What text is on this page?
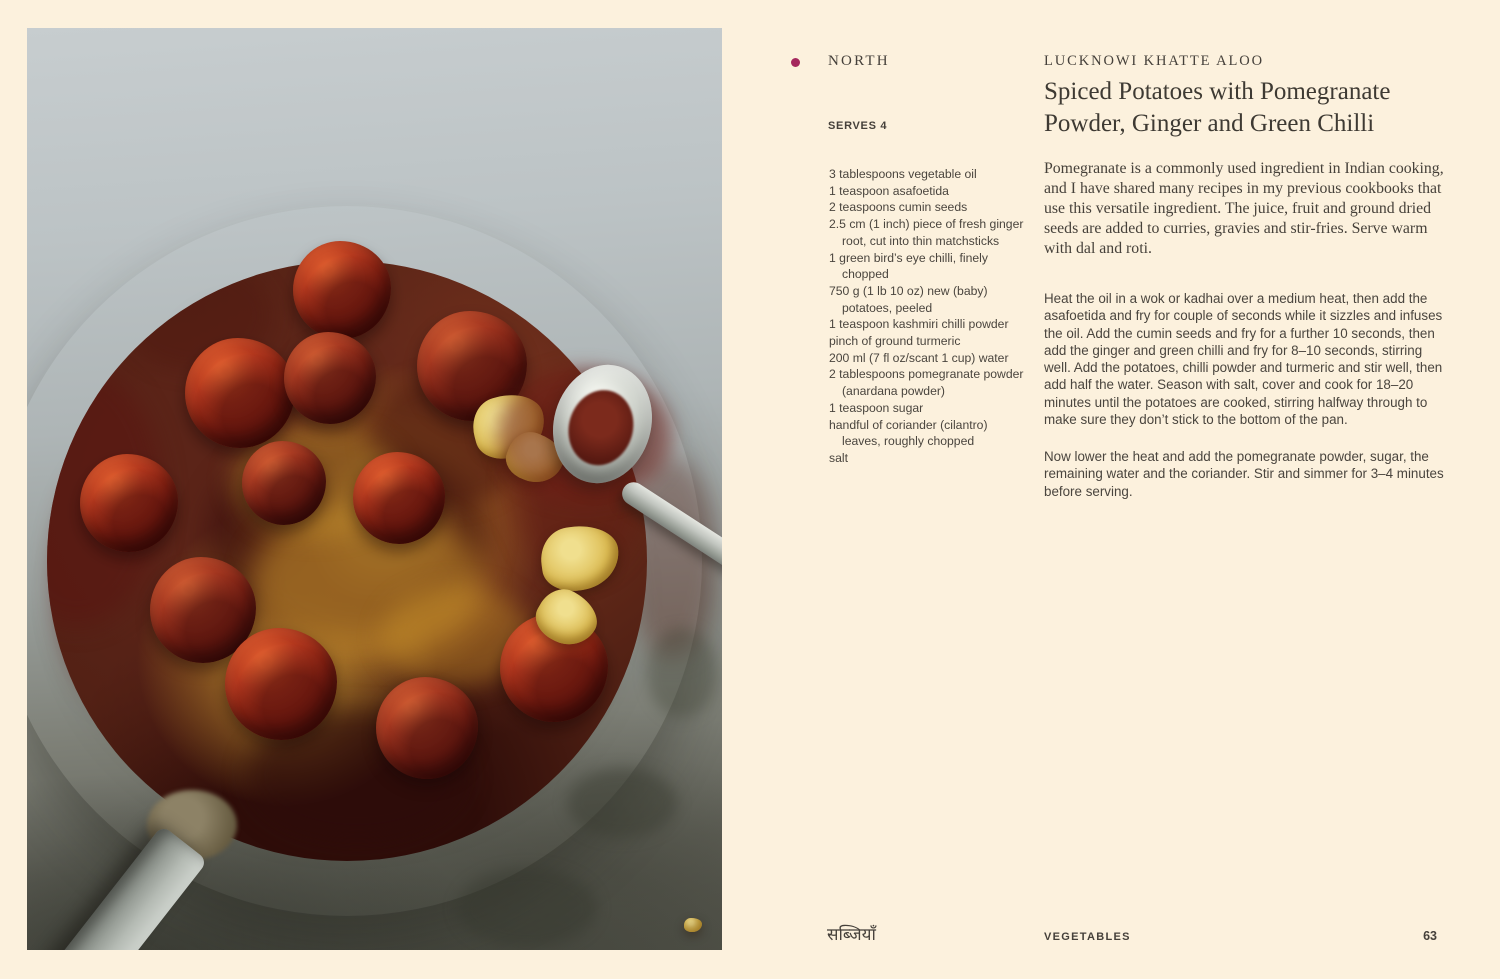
NORTH	LUCKNOWI KHATTE ALOO
Spiced Potatoes with Pomegranate
Powder, Ginger and Green Chilli
SERVES 4
3 tablespoons vegetable oil
1 teaspoon asafoetida
2 teaspoons cumin seeds
2.5 cm (1 inch) piece of fresh ginger root, cut into thin matchsticks
1 green bird’s eye chilli, finely chopped
750 g (1 lb 10 oz) new (baby) potatoes, peeled
1 teaspoon kashmiri chilli powder
pinch of ground turmeric
200 ml (7 fl oz/scant 1 cup) water
2 tablespoons pomegranate powder (anardana powder)
1 teaspoon sugar
handful of coriander (cilantro) leaves, roughly chopped
salt

Pomegranate is a commonly used ingredient in Indian cooking, and I have shared many recipes in my previous cookbooks that use this versatile ingredient. The juice, fruit and ground dried seeds are added to curries, gravies and stir-fries. Serve warm with dal and roti.

Heat the oil in a wok or kadhai over a medium heat, then add the asafoetida and fry for couple of seconds while it sizzles and infuses the oil. Add the cumin seeds and fry for a further 10 seconds, then add the ginger and green chilli and fry for 8–10 seconds, stirring well. Add the potatoes, chilli powder and turmeric and stir well, then add half the water. Season with salt, cover and cook for 18–20 minutes until the potatoes are cooked, stirring halfway through to make sure they don’t stick to the bottom of the pan.

Now lower the heat and add the pomegranate powder, sugar, the remaining water and the coriander. Stir and simmer for 3–4 minutes before serving.

सब्जियाँ	VEGETABLES	63
